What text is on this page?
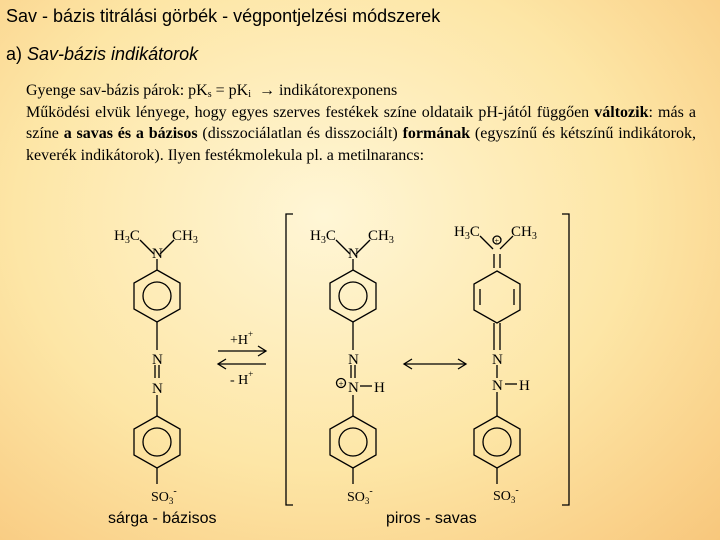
Sav - bázis titrálási görbék - végpontjelzési módszerek
a) Sav-bázis indikátorok
Gyenge sav-bázis párok: $pK_s = pK_i$ → indikátorexponens
Működési elvük lényege, hogy egyes szerves festékek színe oldataik pH-jától függően változik: más a színe a savas és a bázisos (disszociálatlan és disszociált) formának (egyszínű és kétszínű indikátorok, keverék indikátorok). Ilyen festékmolekula pl. a metilnarancs:
$H_3C$ $CH_3$
N
N
N
$SO_3^-$
+H+
- H+
$H_3C$ $CH_3$
N
N
N
+ H
$SO_3^-$
$H_3C$ $CH_3$
+
N
N H
$SO_3^-$
sárga - bázisos	piros - savas
